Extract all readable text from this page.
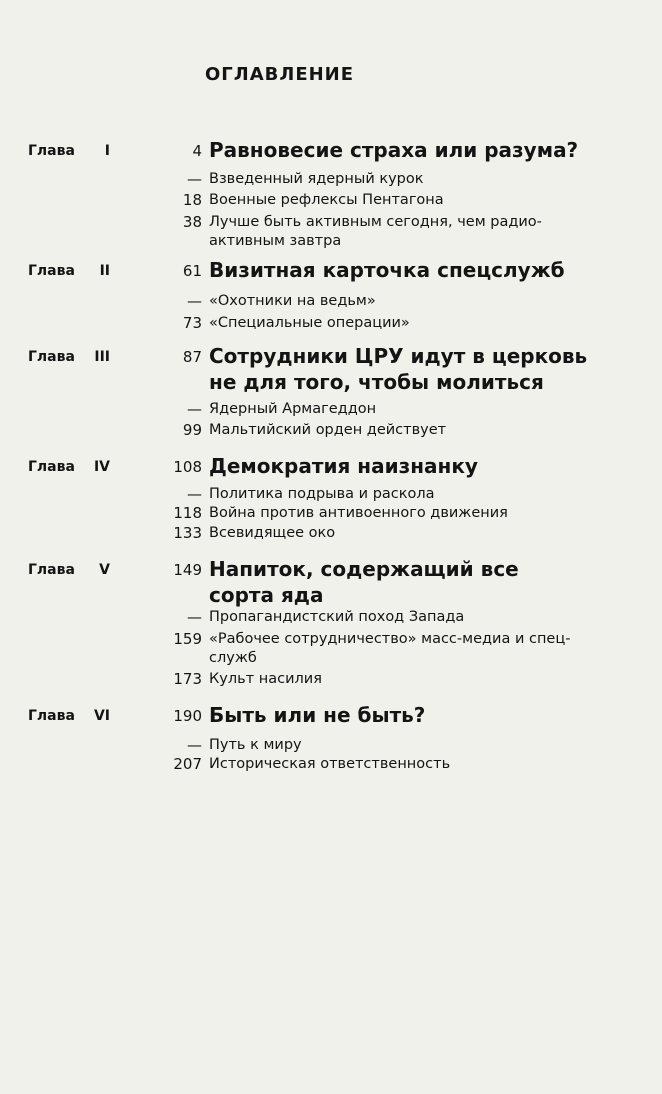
ОГЛАВЛЕНИЕ
Глава	I	4 Равновесие страха или разума?
— Взведенный ядерный курок
18 Военные рефлексы Пентагона
38 Лучше быть активным сегодня, чем радиоактивным завтра
Глава	II	61 Визитная карточка спецслужб
— «Охотники на ведьм»
73 «Специальные операции»
Глава	III	87 Сотрудники ЦРУ идут в церковь не для того, чтобы молиться
— Ядерный Армагеддон
99 Мальтийский орден действует
Глава	IV	108 Демократия наизнанку
— Политика подрыва и раскола
118 Война против антивоенного движения
133 Всевидящее око
Глава	V	149 Напиток, содержащий все сорта яда
— Пропагандистский поход Запада
159 «Рабочее сотрудничество» масс-медиа и спецслужб
173 Культ насилия
Глава	VI	190 Быть или не быть?
— Путь к миру
207 Историческая ответственность
